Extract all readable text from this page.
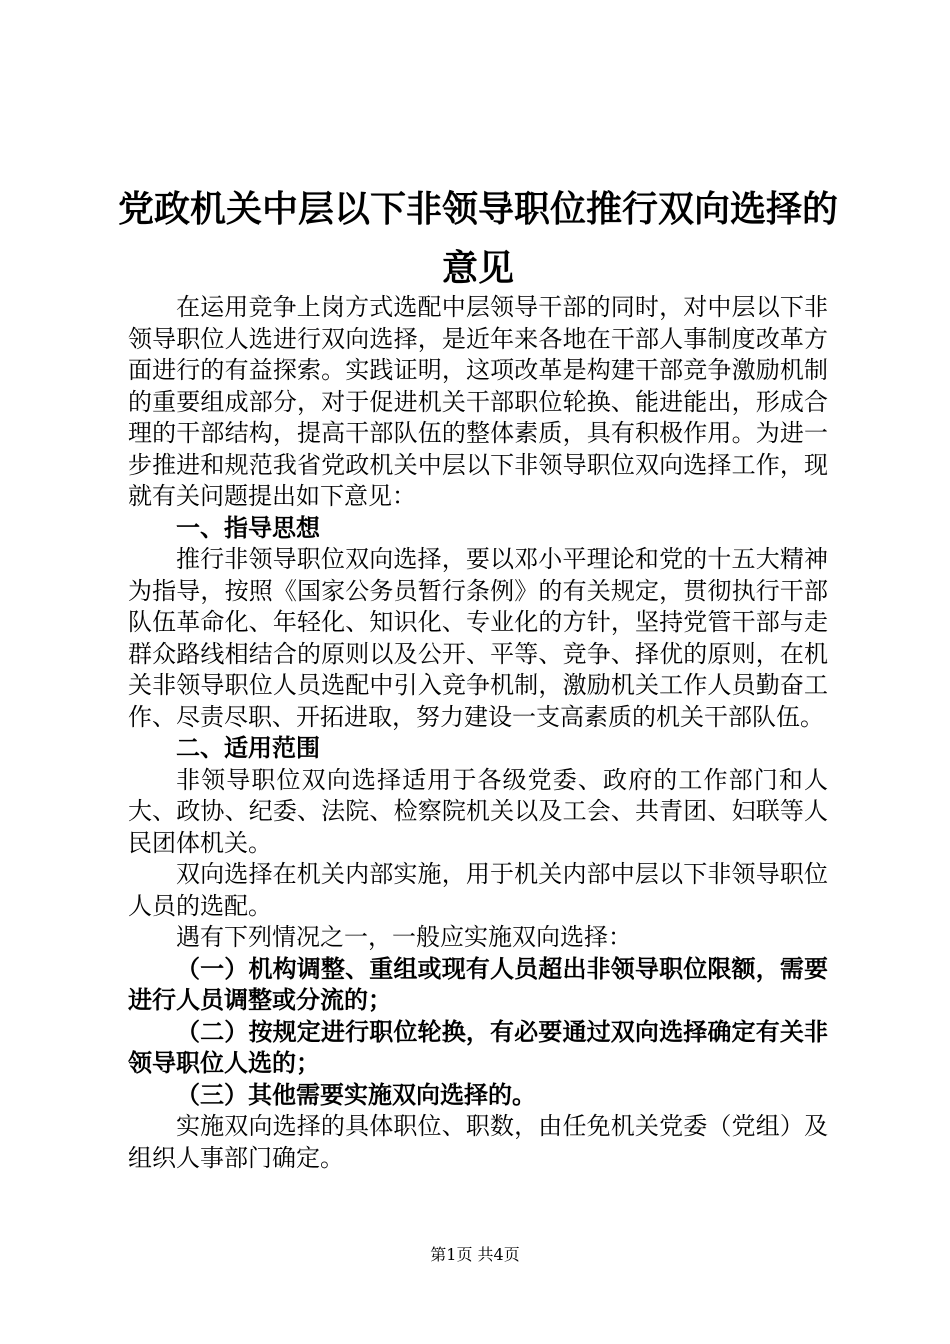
党政机关中层以下非领导职位推行双向选择的
意见

在运用竞争上岗方式选配中层领导干部的同时，对中层以下非领导职位人选进行双向选择，是近年来各地在干部人事制度改革方面进行的有益探索。实践证明，这项改革是构建干部竞争激励机制的重要组成部分，对于促进机关干部职位轮换、能进能出，形成合理的干部结构，提高干部队伍的整体素质，具有积极作用。为进一步推进和规范我省党政机关中层以下非领导职位双向选择工作，现就有关问题提出如下意见：

一、指导思想

推行非领导职位双向选择，要以邓小平理论和党的十五大精神为指导，按照《国家公务员暂行条例》的有关规定，贯彻执行干部队伍革命化、年轻化、知识化、专业化的方针，坚持党管干部与走群众路线相结合的原则以及公开、平等、竞争、择优的原则，在机关非领导职位人员选配中引入竞争机制，激励机关工作人员勤奋工作、尽责尽职、开拓进取，努力建设一支高素质的机关干部队伍。

二、适用范围

非领导职位双向选择适用于各级党委、政府的工作部门和人大、政协、纪委、法院、检察院机关以及工会、共青团、妇联等人民团体机关。

双向选择在机关内部实施，用于机关内部中层以下非领导职位人员的选配。

遇有下列情况之一，一般应实施双向选择：

（一）机构调整、重组或现有人员超出非领导职位限额，需要进行人员调整或分流的；

（二）按规定进行职位轮换，有必要通过双向选择确定有关非领导职位人选的；

（三）其他需要实施双向选择的。

实施双向选择的具体职位、职数，由任免机关党委（党组）及组织人事部门确定。

第1页 共4页
